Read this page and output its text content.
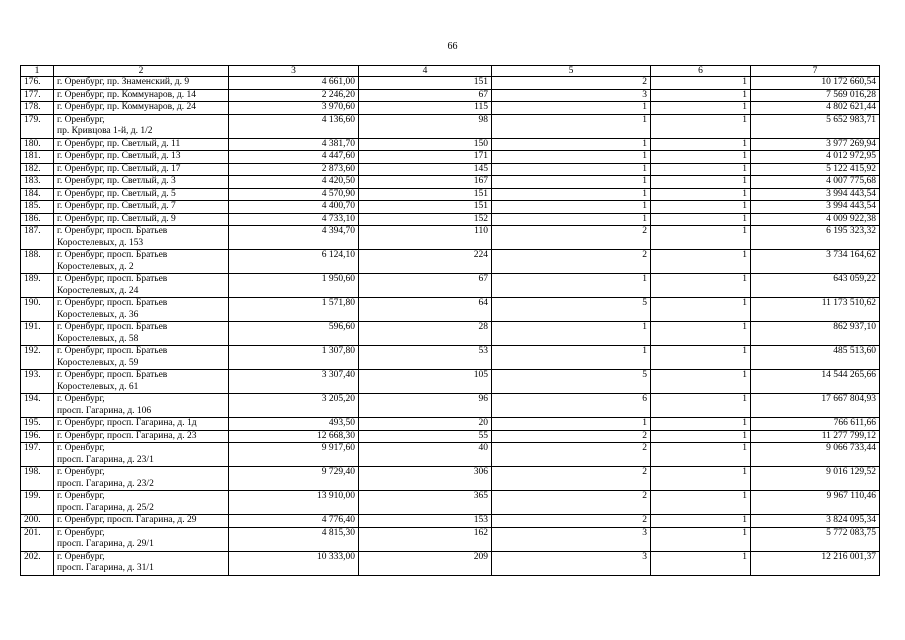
66
1	2	3	4	5	6	7
176.	г. Оренбург, пр. Знаменский, д. 9	4 661,00	151	2	1	10 172 660,54
177.	г. Оренбург, пр. Коммунаров, д. 14	2 246,20	67	3	1	7 569 016,28
178.	г. Оренбург, пр. Коммунаров, д. 24	3 970,60	115	1	1	4 802 621,44
179.	г. Оренбург,
пр. Кривцова 1-й, д. 1/2	4 136,60	98	1	1	5 652 983,71
180.	г. Оренбург, пр. Светлый, д. 11	4 381,70	150	1	1	3 977 269,94
181.	г. Оренбург, пр. Светлый, д. 13	4 447,60	171	1	1	4 012 972,95
182.	г. Оренбург, пр. Светлый, д. 17	2 873,60	145	1	1	5 122 415,92
183.	г. Оренбург, пр. Светлый, д. 3	4 420,50	167	1	1	4 007 775,68
184.	г. Оренбург, пр. Светлый, д. 5	4 570,90	151	1	1	3 994 443,54
185.	г. Оренбург, пр. Светлый, д. 7	4 400,70	151	1	1	3 994 443,54
186.	г. Оренбург, пр. Светлый, д. 9	4 733,10	152	1	1	4 009 922,38
187.	г. Оренбург, просп. Братьев
Коростелевых, д. 153	4 394,70	110	2	1	6 195 323,32
188.	г. Оренбург, просп. Братьев
Коростелевых, д. 2	6 124,10	224	2	1	3 734 164,62
189.	г. Оренбург, просп. Братьев
Коростелевых, д. 24	1 950,60	67	1	1	643 059,22
190.	г. Оренбург, просп. Братьев
Коростелевых, д. 36	1 571,80	64	5	1	11 173 510,62
191.	г. Оренбург, просп. Братьев
Коростелевых, д. 58	596,60	28	1	1	862 937,10
192.	г. Оренбург, просп. Братьев
Коростелевых, д. 59	1 307,80	53	1	1	485 513,60
193.	г. Оренбург, просп. Братьев
Коростелевых, д. 61	3 307,40	105	5	1	14 544 265,66
194.	г. Оренбург,
просп. Гагарина, д. 106	3 205,20	96	6	1	17 667 804,93
195.	г. Оренбург, просп. Гагарина, д. 1д	493,50	20	1	1	766 611,66
196.	г. Оренбург, просп. Гагарина, д. 23	12 668,30	55	2	1	11 277 799,12
197.	г. Оренбург,
просп. Гагарина, д. 23/1	9 917,60	40	2	1	9 066 733,44
198.	г. Оренбург,
просп. Гагарина, д. 23/2	9 729,40	306	2	1	9 016 129,52
199.	г. Оренбург,
просп. Гагарина, д. 25/2	13 910,00	365	2	1	9 967 110,46
200.	г. Оренбург, просп. Гагарина, д. 29	4 776,40	153	2	1	3 824 095,34
201.	г. Оренбург,
просп. Гагарина, д. 29/1	4 815,30	162	3	1	5 772 083,75
202.	г. Оренбург,
просп. Гагарина, д. 31/1	10 333,00	209	3	1	12 216 001,37
